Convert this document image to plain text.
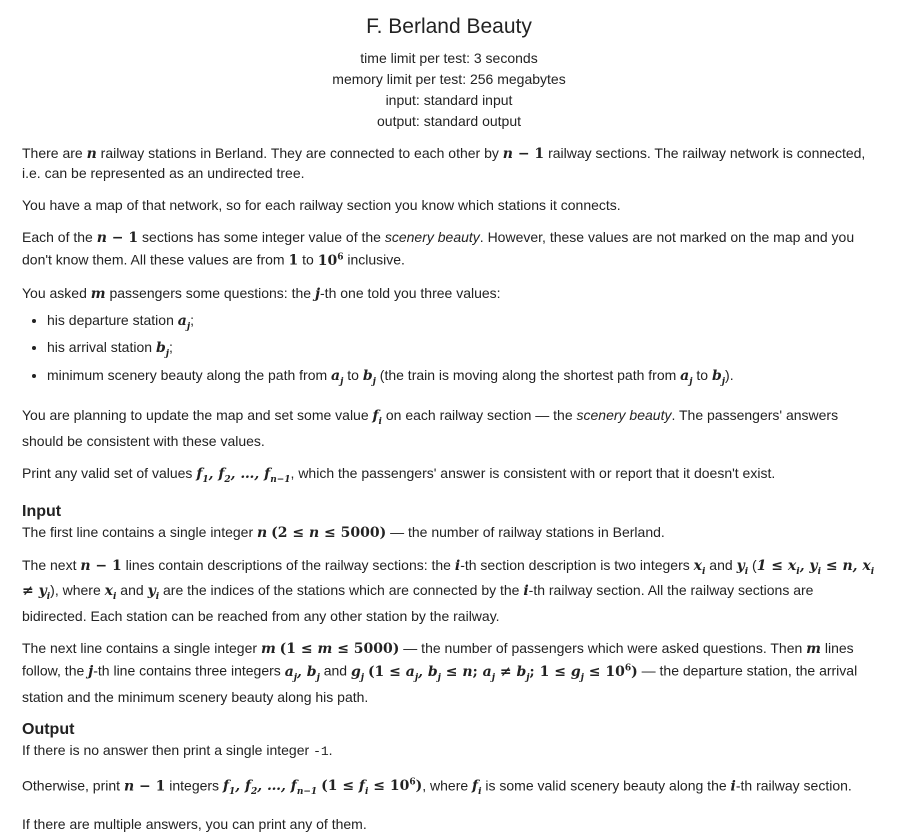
F. Berland Beauty
time limit per test: 3 seconds
memory limit per test: 256 megabytes
input: standard input
output: standard output

There are n railway stations in Berland. They are connected to each other by n − 1 railway sections. The railway network is connected, i.e. can be represented as an undirected tree.

You have a map of that network, so for each railway section you know which stations it connects.

Each of the n − 1 sections has some integer value of the scenery beauty. However, these values are not marked on the map and you don't know them. All these values are from 1 to $10^6$ inclusive.

You asked m passengers some questions: the j-th one told you three values:

• his departure station $a_j$;
• his arrival station $b_j$;
• minimum scenery beauty along the path from $a_j$ to $b_j$ (the train is moving along the shortest path from $a_j$ to $b_j$).

You are planning to update the map and set some value $f_i$ on each railway section — the scenery beauty. The passengers' answers should be consistent with these values.

Print any valid set of values $f_1$, $f_2$, …, $f_{n-1}$, which the passengers' answer is consistent with or report that it doesn't exist.

Input

The first line contains a single integer n (2 ≤ n ≤ 5000) — the number of railway stations in Berland.

The next n − 1 lines contain descriptions of the railway sections: the i-th section description is two integers $x_i$ and $y_i$ ($1 \le x_i$, $y_i \le n$, $x_i \ne y_i$), where $x_i$ and $y_i$ are the indices of the stations which are connected by the i-th railway section. All the railway sections are bidirected. Each station can be reached from any other station by the railway.

The next line contains a single integer m (1 ≤ m ≤ 5000) — the number of passengers which were asked questions. Then m lines follow, the j-th line contains three integers $a_j$, $b_j$ and $g_j$ ($1 \le a_j$, $b_j \le n$; $a_j \ne b_j$; $1 \le g_j \le 10^6$) — the departure station, the arrival station and the minimum scenery beauty along his path.

Output

If there is no answer then print a single integer -1.

Otherwise, print n − 1 integers $f_1$, $f_2$, …, $f_{n-1}$ $(1 \le f_i \le 10^6)$, where $f_i$ is some valid scenery beauty along the i-th railway section.

If there are multiple answers, you can print any of them.
